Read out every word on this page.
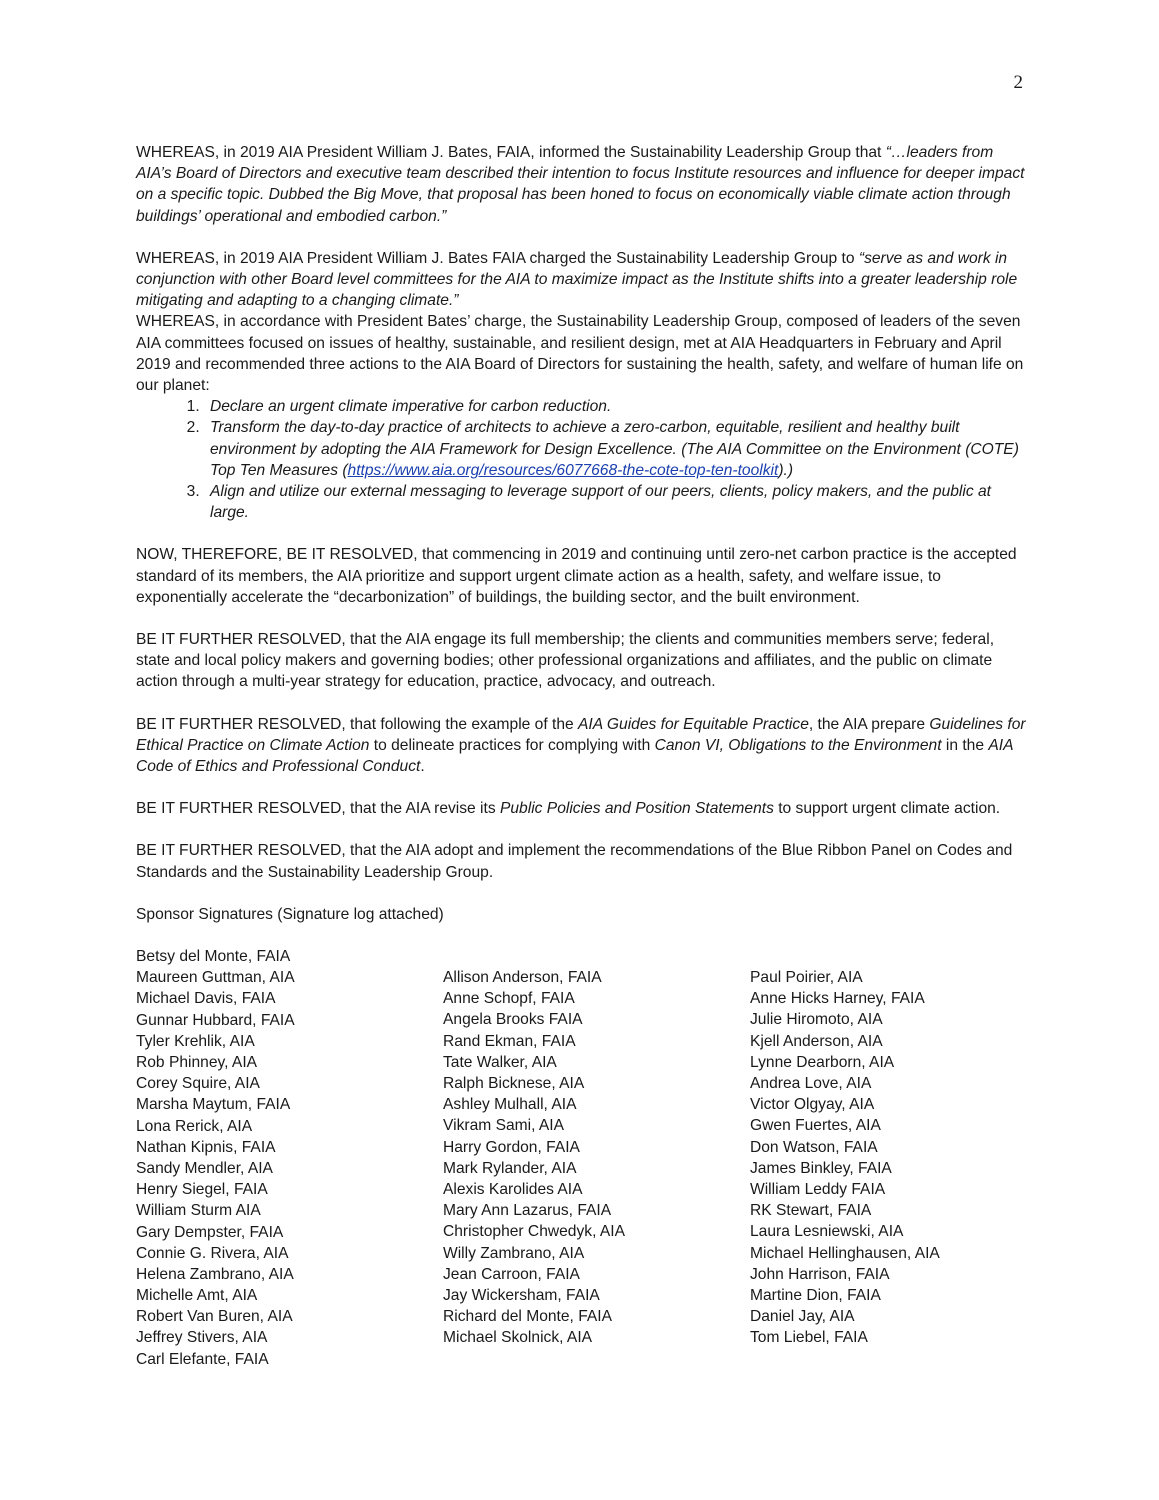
2

WHEREAS, in 2019 AIA President William J. Bates, FAIA, informed the Sustainability Leadership Group that “…leaders from AIA’s Board of Directors and executive team described their intention to focus Institute resources and influence for deeper impact on a specific topic. Dubbed the Big Move, that proposal has been honed to focus on economically viable climate action through buildings’ operational and embodied carbon.”

WHEREAS, in 2019 AIA President William J. Bates FAIA charged the Sustainability Leadership Group to “serve as and work in conjunction with other Board level committees for the AIA to maximize impact as the Institute shifts into a greater leadership role mitigating and adapting to a changing climate.”

WHEREAS, in accordance with President Bates’ charge, the Sustainability Leadership Group, composed of leaders of the seven AIA committees focused on issues of healthy, sustainable, and resilient design, met at AIA Headquarters in February and April 2019 and recommended three actions to the AIA Board of Directors for sustaining the health, safety, and welfare of human life on our planet:

1. Declare an urgent climate imperative for carbon reduction.
2. Transform the day-to-day practice of architects to achieve a zero-carbon, equitable, resilient and healthy built environment by adopting the AIA Framework for Design Excellence. (The AIA Committee on the Environment (COTE) Top Ten Measures (https://www.aia.org/resources/6077668-the-cote-top-ten-toolkit).)
3. Align and utilize our external messaging to leverage support of our peers, clients, policy makers, and the public at large.

NOW, THEREFORE, BE IT RESOLVED, that commencing in 2019 and continuing until zero-net carbon practice is the accepted standard of its members, the AIA prioritize and support urgent climate action as a health, safety, and welfare issue, to exponentially accelerate the “decarbonization” of buildings, the building sector, and the built environment.

BE IT FURTHER RESOLVED, that the AIA engage its full membership; the clients and communities members serve; federal, state and local policy makers and governing bodies; other professional organizations and affiliates, and the public on climate action through a multi-year strategy for education, practice, advocacy, and outreach.

BE IT FURTHER RESOLVED, that following the example of the AIA Guides for Equitable Practice, the AIA prepare Guidelines for Ethical Practice on Climate Action to delineate practices for complying with Canon VI, Obligations to the Environment in the AIA Code of Ethics and Professional Conduct.

BE IT FURTHER RESOLVED, that the AIA revise its Public Policies and Position Statements to support urgent climate action.

BE IT FURTHER RESOLVED, that the AIA adopt and implement the recommendations of the Blue Ribbon Panel on Codes and Standards and the Sustainability Leadership Group.

Sponsor Signatures (Signature log attached)

Betsy del Monte, FAIA
Maureen Guttman, AIA
Michael Davis, FAIA
Gunnar Hubbard, FAIA
Tyler Krehlik, AIA
Rob Phinney, AIA
Corey Squire, AIA
Marsha Maytum, FAIA
Lona Rerick, AIA
Nathan Kipnis, FAIA
Sandy Mendler, AIA
Henry Siegel, FAIA
William Sturm AIA
Gary Dempster, FAIA
Connie G. Rivera, AIA
Helena Zambrano, AIA
Michelle Amt, AIA
Robert Van Buren, AIA
Jeffrey Stivers, AIA
Carl Elefante, FAIA
Allison Anderson, FAIA
Anne Schopf, FAIA
Angela Brooks FAIA
Rand Ekman, FAIA
Tate Walker, AIA
Ralph Bicknese, AIA
Ashley Mulhall, AIA
Vikram Sami, AIA
Harry Gordon, FAIA
Mark Rylander, AIA
Alexis Karolides AIA
Mary Ann Lazarus, FAIA
Christopher Chwedyk, AIA
Willy Zambrano, AIA
Jean Carroon, FAIA
Jay Wickersham, FAIA
Richard del Monte, FAIA
Michael Skolnick, AIA
Paul Poirier, AIA
Anne Hicks Harney, FAIA
Julie Hiromoto, AIA
Kjell Anderson, AIA
Lynne Dearborn, AIA
Andrea Love, AIA
Victor Olgyay, AIA
Gwen Fuertes, AIA
Don Watson, FAIA
James Binkley, FAIA
William Leddy FAIA
RK Stewart, FAIA
Laura Lesniewski, AIA
Michael Hellinghausen, AIA
John Harrison, FAIA
Martine Dion, FAIA
Daniel Jay, AIA
Tom Liebel, FAIA
